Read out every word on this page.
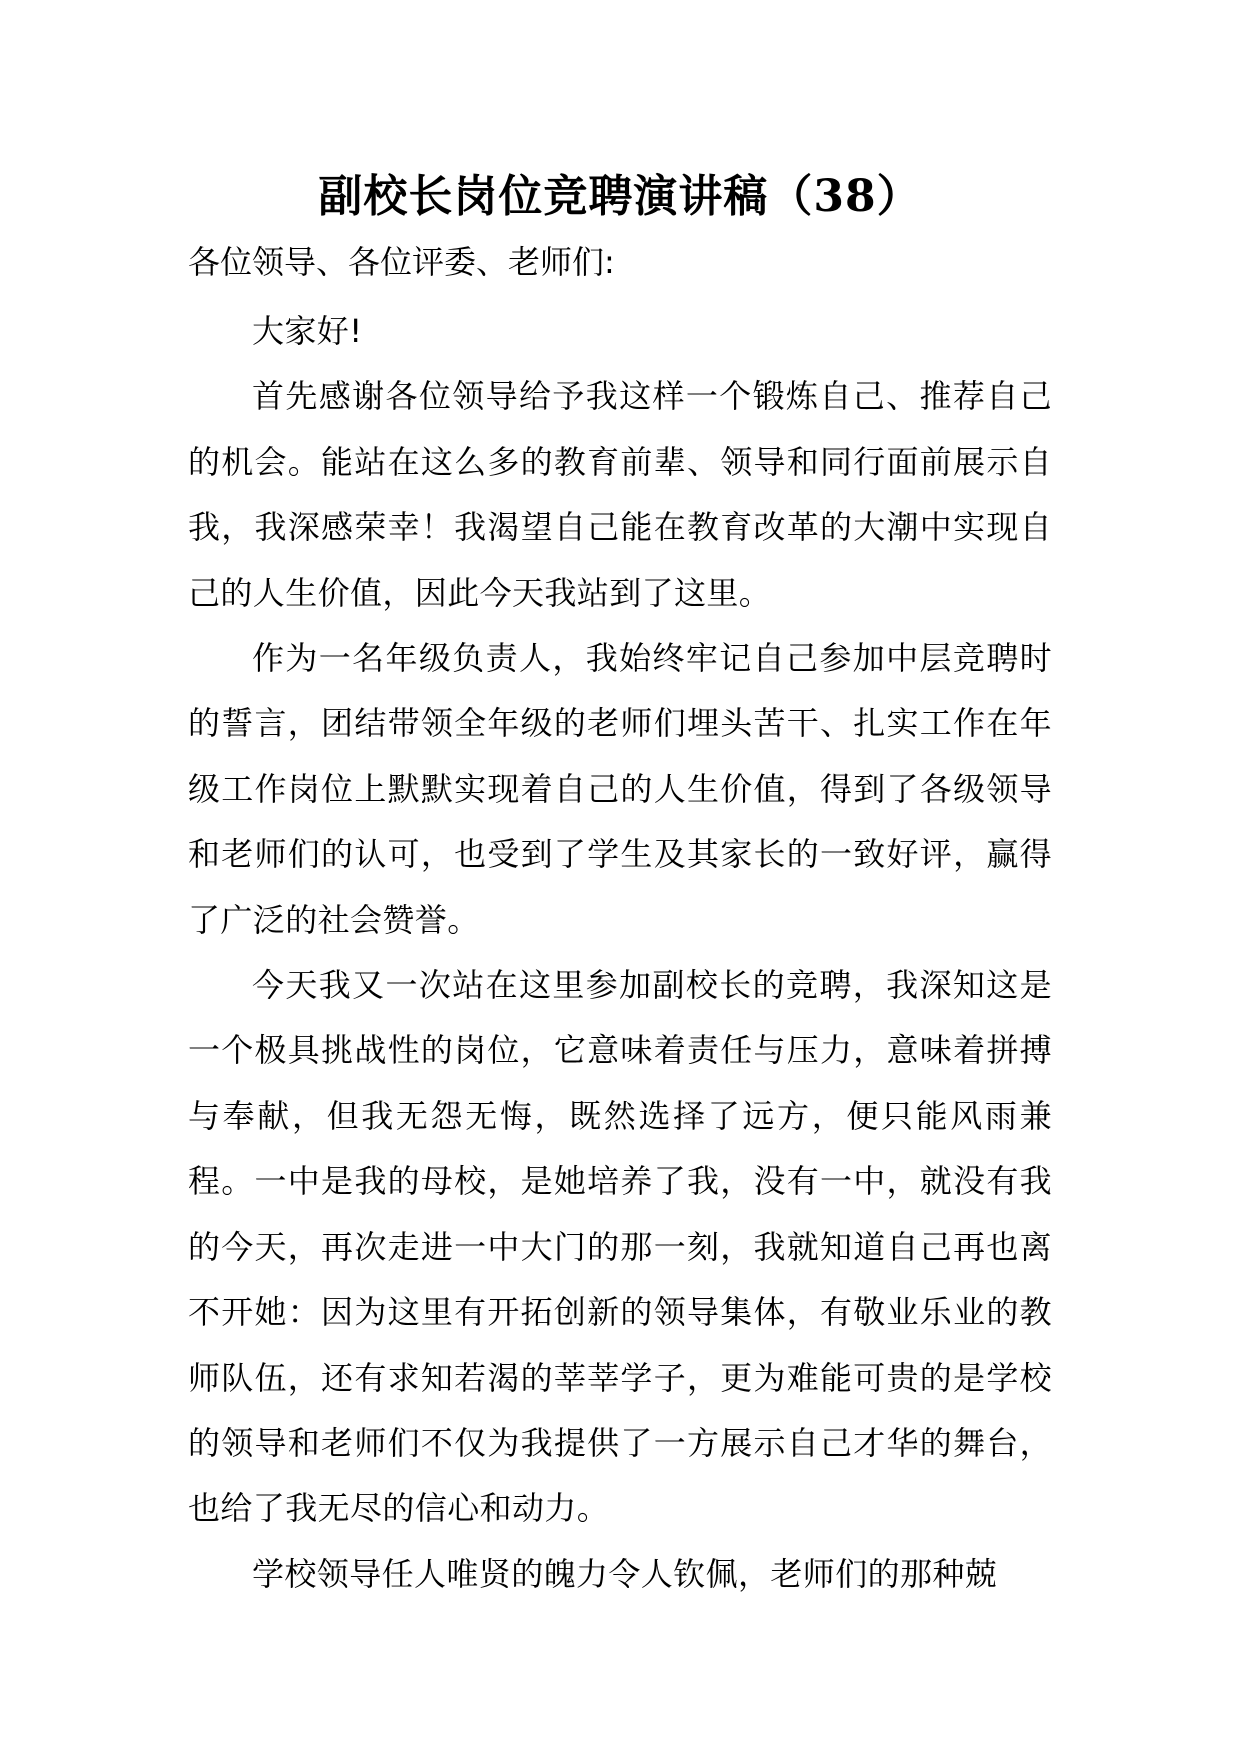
副校长岗位竞聘演讲稿（38）
各位领导、各位评委、老师们:

大家好!

首先感谢各位领导给予我这样一个锻炼自己、推荐自己的机会。能站在这么多的教育前辈、领导和同行面前展示自我，我深感荣幸！我渴望自己能在教育改革的大潮中实现自己的人生价值，因此今天我站到了这里。

作为一名年级负责人，我始终牢记自己参加中层竞聘时的誓言，团结带领全年级的老师们埋头苦干、扎实工作在年级工作岗位上默默实现着自己的人生价值，得到了各级领导和老师们的认可，也受到了学生及其家长的一致好评，赢得了广泛的社会赞誉。

今天我又一次站在这里参加副校长的竞聘，我深知这是一个极具挑战性的岗位，它意味着责任与压力，意味着拼搏与奉献，但我无怨无悔，既然选择了远方，便只能风雨兼程。一中是我的母校，是她培养了我，没有一中，就没有我的今天，再次走进一中大门的那一刻，我就知道自己再也离不开她：因为这里有开拓创新的领导集体，有敬业乐业的教师队伍，还有求知若渴的莘莘学子，更为难能可贵的是学校的领导和老师们不仅为我提供了一方展示自己才华的舞台，也给了我无尽的信心和动力。

学校领导任人唯贤的魄力令人钦佩，老师们的那种兢
